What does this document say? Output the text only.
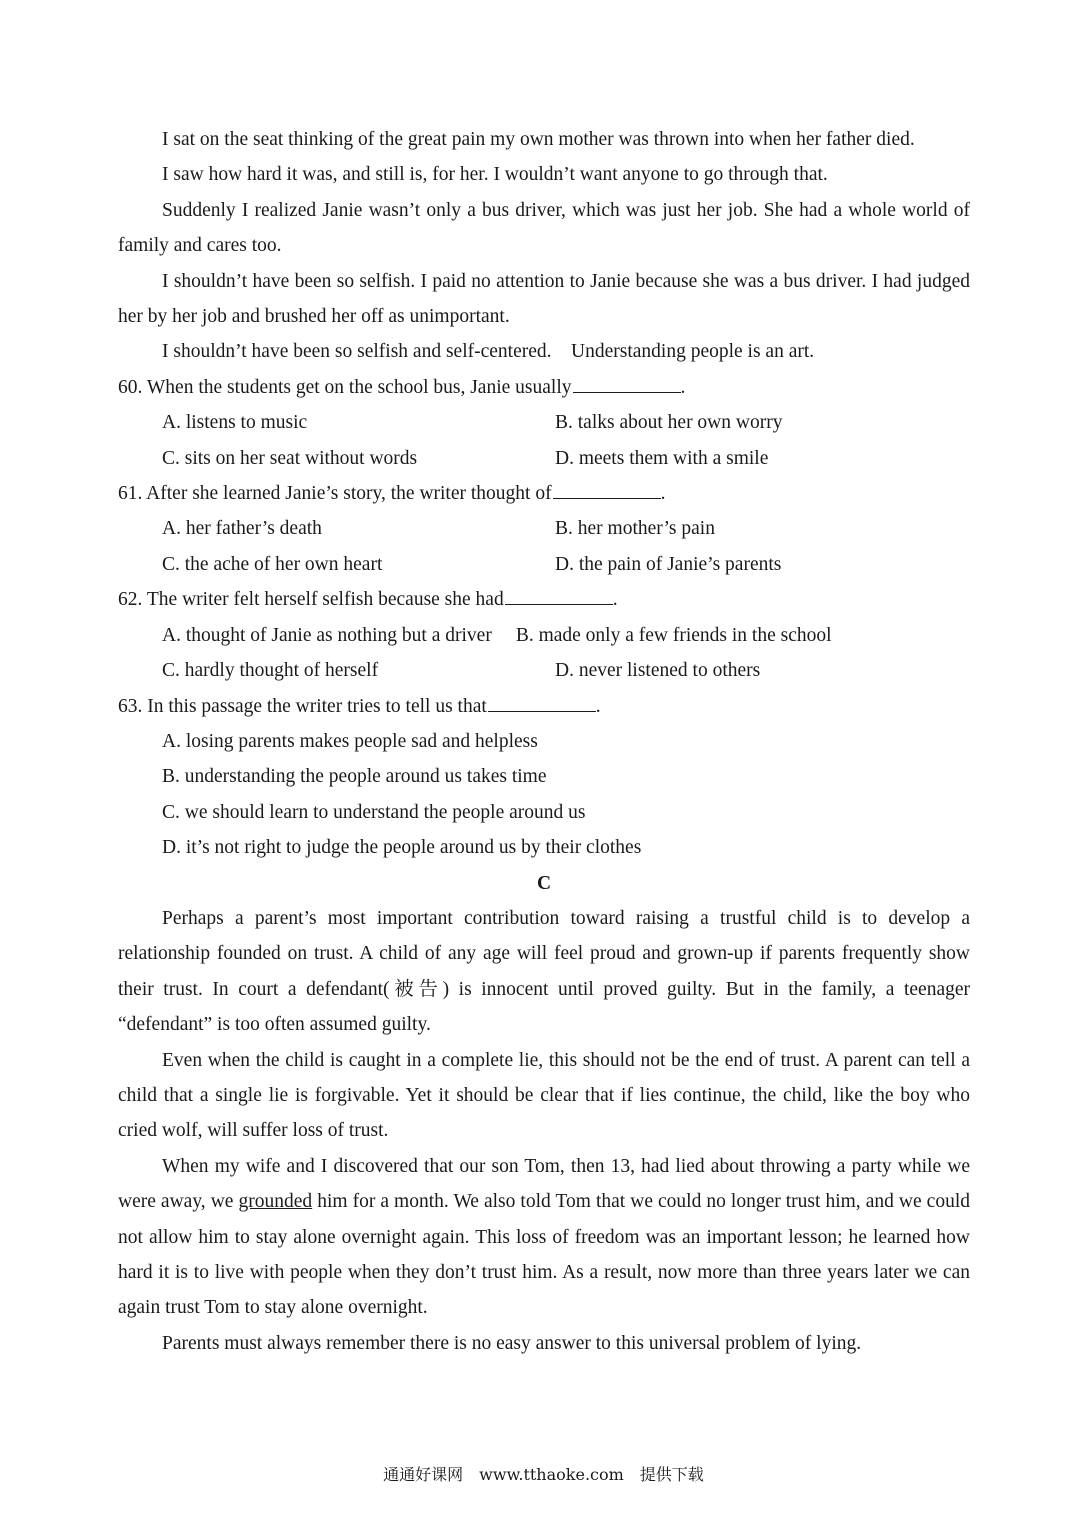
I sat on the seat thinking of the great pain my own mother was thrown into when her father died.

I saw how hard it was, and still is, for her. I wouldn’t want anyone to go through that.

Suddenly I realized Janie wasn’t only a bus driver, which was just her job. She had a whole world of family and cares too.

I shouldn’t have been so selfish. I paid no attention to Janie because she was a bus driver. I had judged her by her job and brushed her off as unimportant.

I shouldn’t have been so selfish and self-centered.　Understanding people is an art.

60. When the students get on the school bus, Janie usually	.
A. listens to music	B. talks about her own worry
C. sits on her seat without words	D. meets them with a smile
61. After she learned Janie’s story, the writer thought of	.
A. her father’s death	B. her mother’s pain
C. the ache of her own heart	D. the pain of Janie’s parents
62. The writer felt herself selfish because she had	.
A. thought of Janie as nothing but a driver	B. made only a few friends in the school
C. hardly thought of herself	D. never listened to others
63. In this passage the writer tries to tell us that	.
A. losing parents makes people sad and helpless
B. understanding the people around us takes time
C. we should learn to understand the people around us
D. it’s not right to judge the people around us by their clothes
C

Perhaps a parent’s most important contribution toward raising a trustful child is to develop a relationship founded on trust. A child of any age will feel proud and grown-up if parents frequently show their trust. In court a defendant(被告) is innocent until proved guilty. But in the family, a teenager “defendant” is too often assumed guilty.

Even when the child is caught in a complete lie, this should not be the end of trust. A parent can tell a child that a single lie is forgivable. Yet it should be clear that if lies continue, the child, like the boy who cried wolf, will suffer loss of trust.

When my wife and I discovered that our son Tom, then 13, had lied about throwing a party while we were away, we grounded him for a month. We also told Tom that we could no longer trust him, and we could not allow him to stay alone overnight again. This loss of freedom was an important lesson; he learned how hard it is to live with people when they don’t trust him. As a result, now more than three years later we can again trust Tom to stay alone overnight.

Parents must always remember there is no easy answer to this universal problem of lying.

通通好课网　www.tthaoke.com　提供下载
